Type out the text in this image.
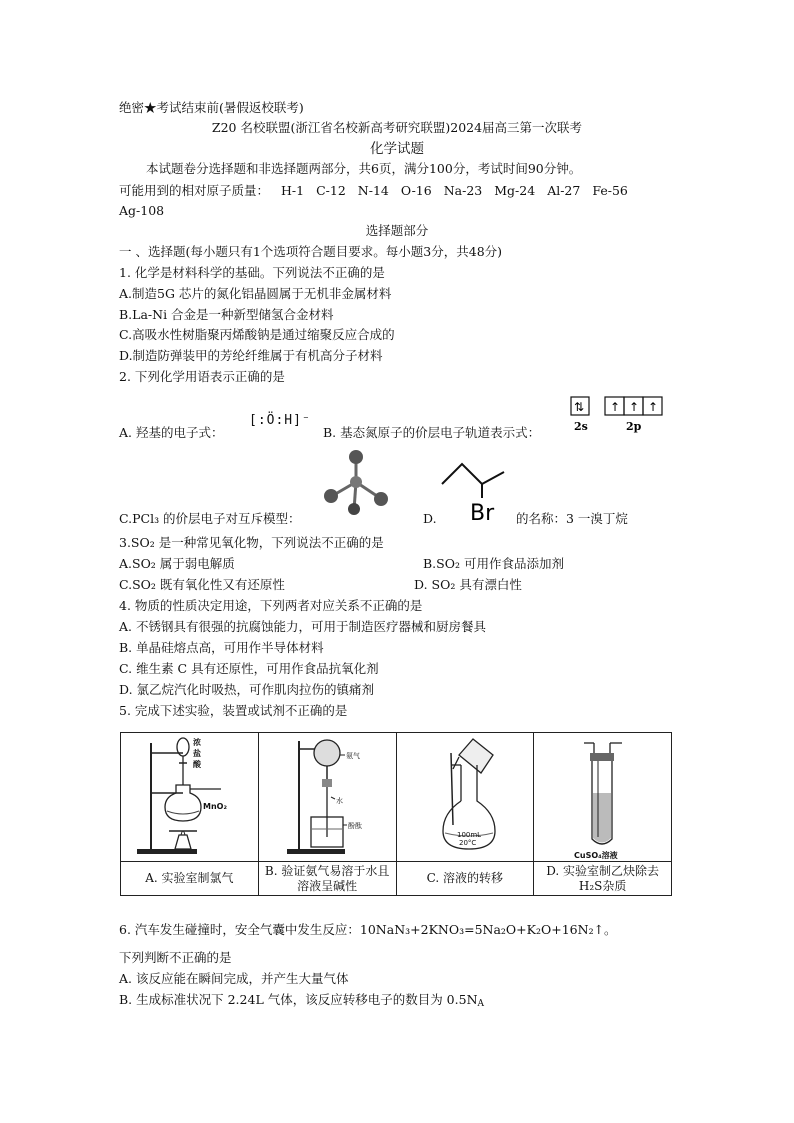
绝密★考试结束前(暑假返校联考)
Z20 名校联盟(浙江省名校新高考研究联盟)2024届高三第一次联考
化学试题
本试题卷分选择题和非选择题两部分，共6页，满分100分，考试时间90分钟。
可能用到的相对原子质量： H-1 C-12 N-14 O-16 Na-23 Mg-24 Al-27 Fe-56
Ag-108
选择题部分
一 、选择题(每小题只有1个选项符合题目要求。每小题3分，共48分)
1. 化学是材料科学的基础。下列说法不正确的是
A.制造5G 芯片的氮化铝晶圆属于无机非金属材料
B.La-Ni 合金是一种新型储氢合金材料
C.高吸水性树脂聚丙烯酸钠是通过缩聚反应合成的
D.制造防弹装甲的芳纶纤维属于有机高分子材料
2. 下列化学用语表示正确的是
A. 羟基的电子式：
[:Ö:H]⁻
B. 基态氮原子的价层电子轨道表示式：
⇅ ↑ ↑ ↑
2s	2p
C.PCl₃ 的价层电子对互斥模型：	D. Br 的名称：3 一溴丁烷
3.SO₂ 是一种常见氧化物，下列说法不正确的是
A.SO₂ 属于弱电解质	B.SO₂ 可用作食品添加剂
C.SO₂ 既有氧化性又有还原性	D. SO₂ 具有漂白性
4. 物质的性质决定用途，下列两者对应关系不正确的是
A. 不锈钢具有很强的抗腐蚀能力，可用于制造医疗器械和厨房餐具
B. 单晶硅熔点高，可用作半导体材料
C. 维生素 C 具有还原性，可用作食品抗氧化剂
D. 氯乙烷汽化时吸热，可作肌肉拉伤的镇痛剂
5. 完成下述实验，装置或试剂不正确的是
浓
盐
酸
MnO₂	氨气
水
酚酞	100mL
20°C	CuSO₄溶液

A. 实验室制氯气	B. 验证氨气易溶于水且溶液呈碱性	C. 溶液的转移	D. 实验室制乙炔除去H₂S杂质
6. 汽车发生碰撞时，安全气囊中发生反应：10NaN₃+2KNO₃=5Na₂O+K₂O+16N₂↑。
下列判断不正确的是
A. 该反应能在瞬间完成，并产生大量气体
B. 生成标准状况下 2.24L 气体，该反应转移电子的数目为 $0.5N_A$
